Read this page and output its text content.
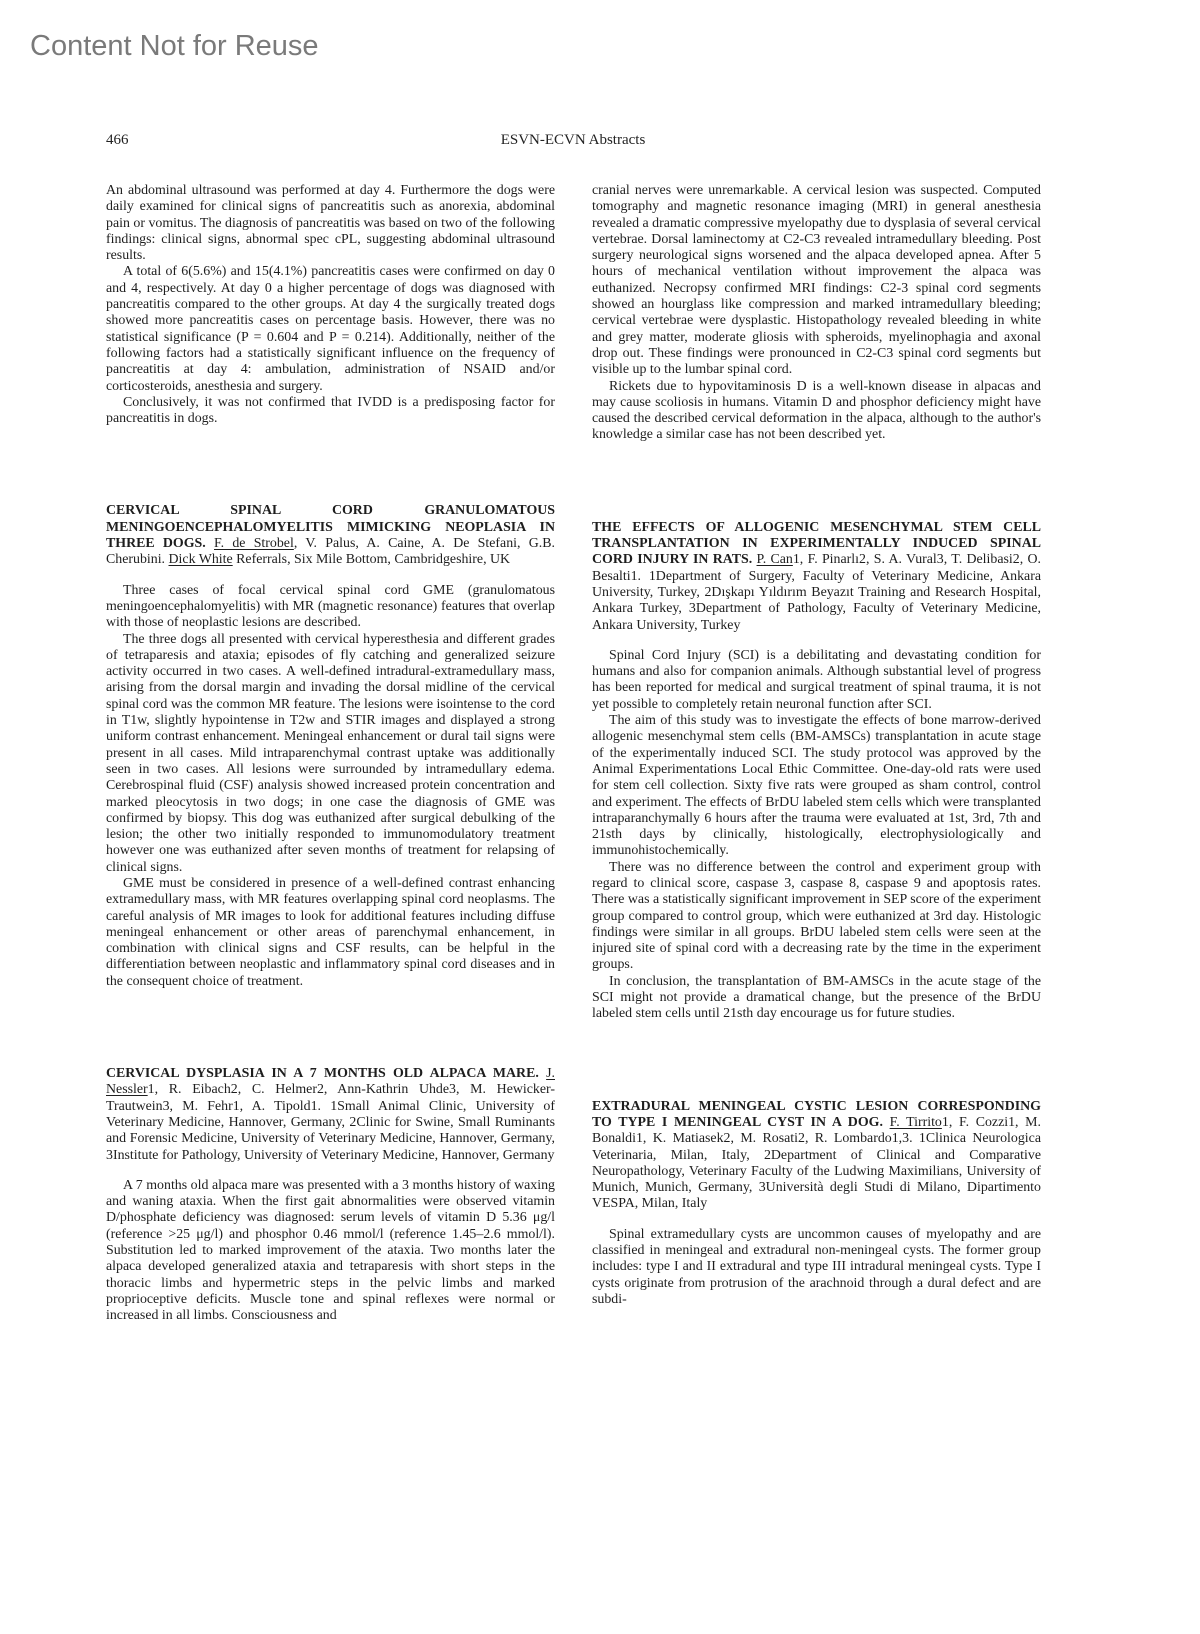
Content Not for Reuse
466	ESVN-ECVN Abstracts

An abdominal ultrasound was performed at day 4. Furthermore the dogs were daily examined for clinical signs of pancreatitis such as anorexia, abdominal pain or vomitus. The diagnosis of pancreatitis was based on two of the following findings: clinical signs, abnormal spec cPL, suggesting abdominal ultrasound results.

A total of 6(5.6%) and 15(4.1%) pancreatitis cases were confirmed on day 0 and 4, respectively. At day 0 a higher percentage of dogs was diagnosed with pancreatitis compared to the other groups. At day 4 the surgically treated dogs showed more pancreatitis cases on percentage basis. However, there was no statistical significance (P = 0.604 and P = 0.214). Additionally, neither of the following factors had a statistically significant influence on the frequency of pancreatitis at day 4: ambulation, administration of NSAID and/or corticosteroids, anesthesia and surgery.

Conclusively, it was not confirmed that IVDD is a predisposing factor for pancreatitis in dogs.

CERVICAL SPINAL CORD GRANULOMATOUS MENINGOENCEPHALOMYELITIS MIMICKING NEOPLASIA IN THREE DOGS. F. de Strobel, V. Palus, A. Caine, A. De Stefani, G.B. Cherubini. Dick White Referrals, Six Mile Bottom, Cambridgeshire, UK

Three cases of focal cervical spinal cord GME (granulomatous meningoencephalomyelitis) with MR (magnetic resonance) features that overlap with those of neoplastic lesions are described.

The three dogs all presented with cervical hyperesthesia and different grades of tetraparesis and ataxia; episodes of fly catching and generalized seizure activity occurred in two cases. A well-defined intradural-extramedullary mass, arising from the dorsal margin and invading the dorsal midline of the cervical spinal cord was the common MR feature. The lesions were isointense to the cord in T1w, slightly hypointense in T2w and STIR images and displayed a strong uniform contrast enhancement. Meningeal enhancement or dural tail signs were present in all cases. Mild intraparenchymal contrast uptake was additionally seen in two cases. All lesions were surrounded by intramedullary edema. Cerebrospinal fluid (CSF) analysis showed increased protein concentration and marked pleocytosis in two dogs; in one case the diagnosis of GME was confirmed by biopsy. This dog was euthanized after surgical debulking of the lesion; the other two initially responded to immunomodulatory treatment however one was euthanized after seven months of treatment for relapsing of clinical signs.

GME must be considered in presence of a well-defined contrast enhancing extramedullary mass, with MR features overlapping spinal cord neoplasms. The careful analysis of MR images to look for additional features including diffuse meningeal enhancement or other areas of parenchymal enhancement, in combination with clinical signs and CSF results, can be helpful in the differentiation between neoplastic and inflammatory spinal cord diseases and in the consequent choice of treatment.

CERVICAL DYSPLASIA IN A 7 MONTHS OLD ALPACA MARE. J. Nessler1, R. Eibach2, C. Helmer2, Ann-Kathrin Uhde3, M. Hewicker-Trautwein3, M. Fehr1, A. Tipold1. 1Small Animal Clinic, University of Veterinary Medicine, Hannover, Germany, 2Clinic for Swine, Small Ruminants and Forensic Medicine, University of Veterinary Medicine, Hannover, Germany, 3Institute for Pathology, University of Veterinary Medicine, Hannover, Germany

A 7 months old alpaca mare was presented with a 3 months history of waxing and waning ataxia. When the first gait abnormalities were observed vitamin D/phosphate deficiency was diagnosed: serum levels of vitamin D 5.36 μg/l (reference >25 μg/l) and phosphor 0.46 mmol/l (reference 1.45–2.6 mmol/l). Substitution led to marked improvement of the ataxia. Two months later the alpaca developed generalized ataxia and tetraparesis with short steps in the thoracic limbs and hypermetric steps in the pelvic limbs and marked proprioceptive deficits. Muscle tone and spinal reflexes were normal or increased in all limbs. Consciousness and

cranial nerves were unremarkable. A cervical lesion was suspected. Computed tomography and magnetic resonance imaging (MRI) in general anesthesia revealed a dramatic compressive myelopathy due to dysplasia of several cervical vertebrae. Dorsal laminectomy at C2-C3 revealed intramedullary bleeding. Post surgery neurological signs worsened and the alpaca developed apnea. After 5 hours of mechanical ventilation without improvement the alpaca was euthanized. Necropsy confirmed MRI findings: C2-3 spinal cord segments showed an hourglass like compression and marked intramedullary bleeding; cervical vertebrae were dysplastic. Histopathology revealed bleeding in white and grey matter, moderate gliosis with spheroids, myelinophagia and axonal drop out. These findings were pronounced in C2-C3 spinal cord segments but visible up to the lumbar spinal cord.

Rickets due to hypovitaminosis D is a well-known disease in alpacas and may cause scoliosis in humans. Vitamin D and phosphor deficiency might have caused the described cervical deformation in the alpaca, although to the author's knowledge a similar case has not been described yet.

THE EFFECTS OF ALLOGENIC MESENCHYMAL STEM CELL TRANSPLANTATION IN EXPERIMENTALLY INDUCED SPINAL CORD INJURY IN RATS. P. Can1, F. Pinarlı2, S. A. Vural3, T. Delibasi2, O. Besalti1. 1Department of Surgery, Faculty of Veterinary Medicine, Ankara University, Turkey, 2Dışkapı Yıldırım Beyazıt Training and Research Hospital, Ankara Turkey, 3Department of Pathology, Faculty of Veterinary Medicine, Ankara University, Turkey

Spinal Cord Injury (SCI) is a debilitating and devastating condition for humans and also for companion animals. Although substantial level of progress has been reported for medical and surgical treatment of spinal trauma, it is not yet possible to completely retain neuronal function after SCI.

The aim of this study was to investigate the effects of bone marrow-derived allogenic mesenchymal stem cells (BM-AMSCs) transplantation in acute stage of the experimentally induced SCI. The study protocol was approved by the Animal Experimentations Local Ethic Committee. One-day-old rats were used for stem cell collection. Sixty five rats were grouped as sham control, control and experiment. The effects of BrDU labeled stem cells which were transplanted intraparanchymally 6 hours after the trauma were evaluated at 1st, 3rd, 7th and 21sth days by clinically, histologically, electrophysiologically and immunohistochemically.

There was no difference between the control and experiment group with regard to clinical score, caspase 3, caspase 8, caspase 9 and apoptosis rates. There was a statistically significant improvement in SEP score of the experiment group compared to control group, which were euthanized at 3rd day. Histologic findings were similar in all groups. BrDU labeled stem cells were seen at the injured site of spinal cord with a decreasing rate by the time in the experiment groups.

In conclusion, the transplantation of BM-AMSCs in the acute stage of the SCI might not provide a dramatical change, but the presence of the BrDU labeled stem cells until 21sth day encourage us for future studies.

EXTRADURAL MENINGEAL CYSTIC LESION CORRESPONDING TO TYPE I MENINGEAL CYST IN A DOG. F. Tirrito1, F. Cozzi1, M. Bonaldi1, K. Matiasek2, M. Rosati2, R. Lombardo1,3. 1Clinica Neurologica Veterinaria, Milan, Italy, 2Department of Clinical and Comparative Neuropathology, Veterinary Faculty of the Ludwing Maximilians, University of Munich, Munich, Germany, 3Università degli Studi di Milano, Dipartimento VESPA, Milan, Italy

Spinal extramedullary cysts are uncommon causes of myelopathy and are classified in meningeal and extradural non-meningeal cysts. The former group includes: type I and II extradural and type III intradural meningeal cysts. Type I cysts originate from protrusion of the arachnoid through a dural defect and are subdi-
